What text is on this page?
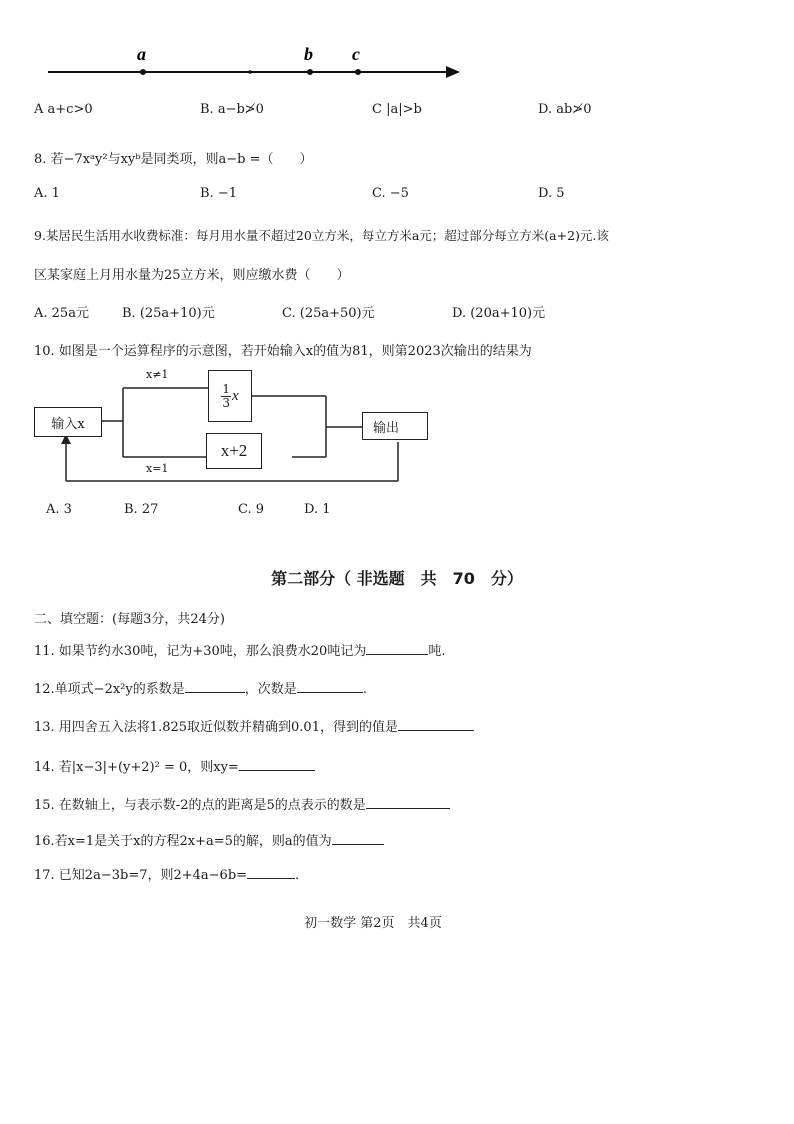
a	b c
A a+c>0	B. a−b≯0	C |a|>b	D. ab≯0
8. 若−7xᵃy²与xyᵇ是同类项，则a−b =（　　）
A. 1	B. −1	C. −5	D. 5
9.某居民生活用水收费标准：每月用水量不超过20立方米，每立方米a元；超过部分每立方米(a+2)元.该
区某家庭上月用水量为25立方米，则应缴水费（　　）
A. 25a元	B. (25a+10)元	C. (25a+50)元	D. (20a+10)元
10. 如图是一个运算程序的示意图，若开始输入x的值为81，则第2023次输出的结果为
输入x
x≠1
$\frac{1}{3}$ x
x+2
x=1
输出
A. 3	B. 27	C. 9	D. 1
第二部分（ 非选题　共　70　分）
二、填空题：(每题3分，共24分)
11. 如果节约水30吨，记为+30吨，那么浪费水20吨记为	吨.
12.单项式−2x²y的系数是	，次数是	.
13. 用四舍五入法将1.825取近似数并精确到0.01，得到的值是
14. 若|x−3|+(y+2)² = 0，则xy=
15. 在数轴上，与表示数-2的点的距离是5的点表示的数是
16.若x=1是关于x的方程2x+a=5的解，则a的值为
17. 已知2a−3b=7，则2+4a−6b=	.
初一数学 第2页　共4页
